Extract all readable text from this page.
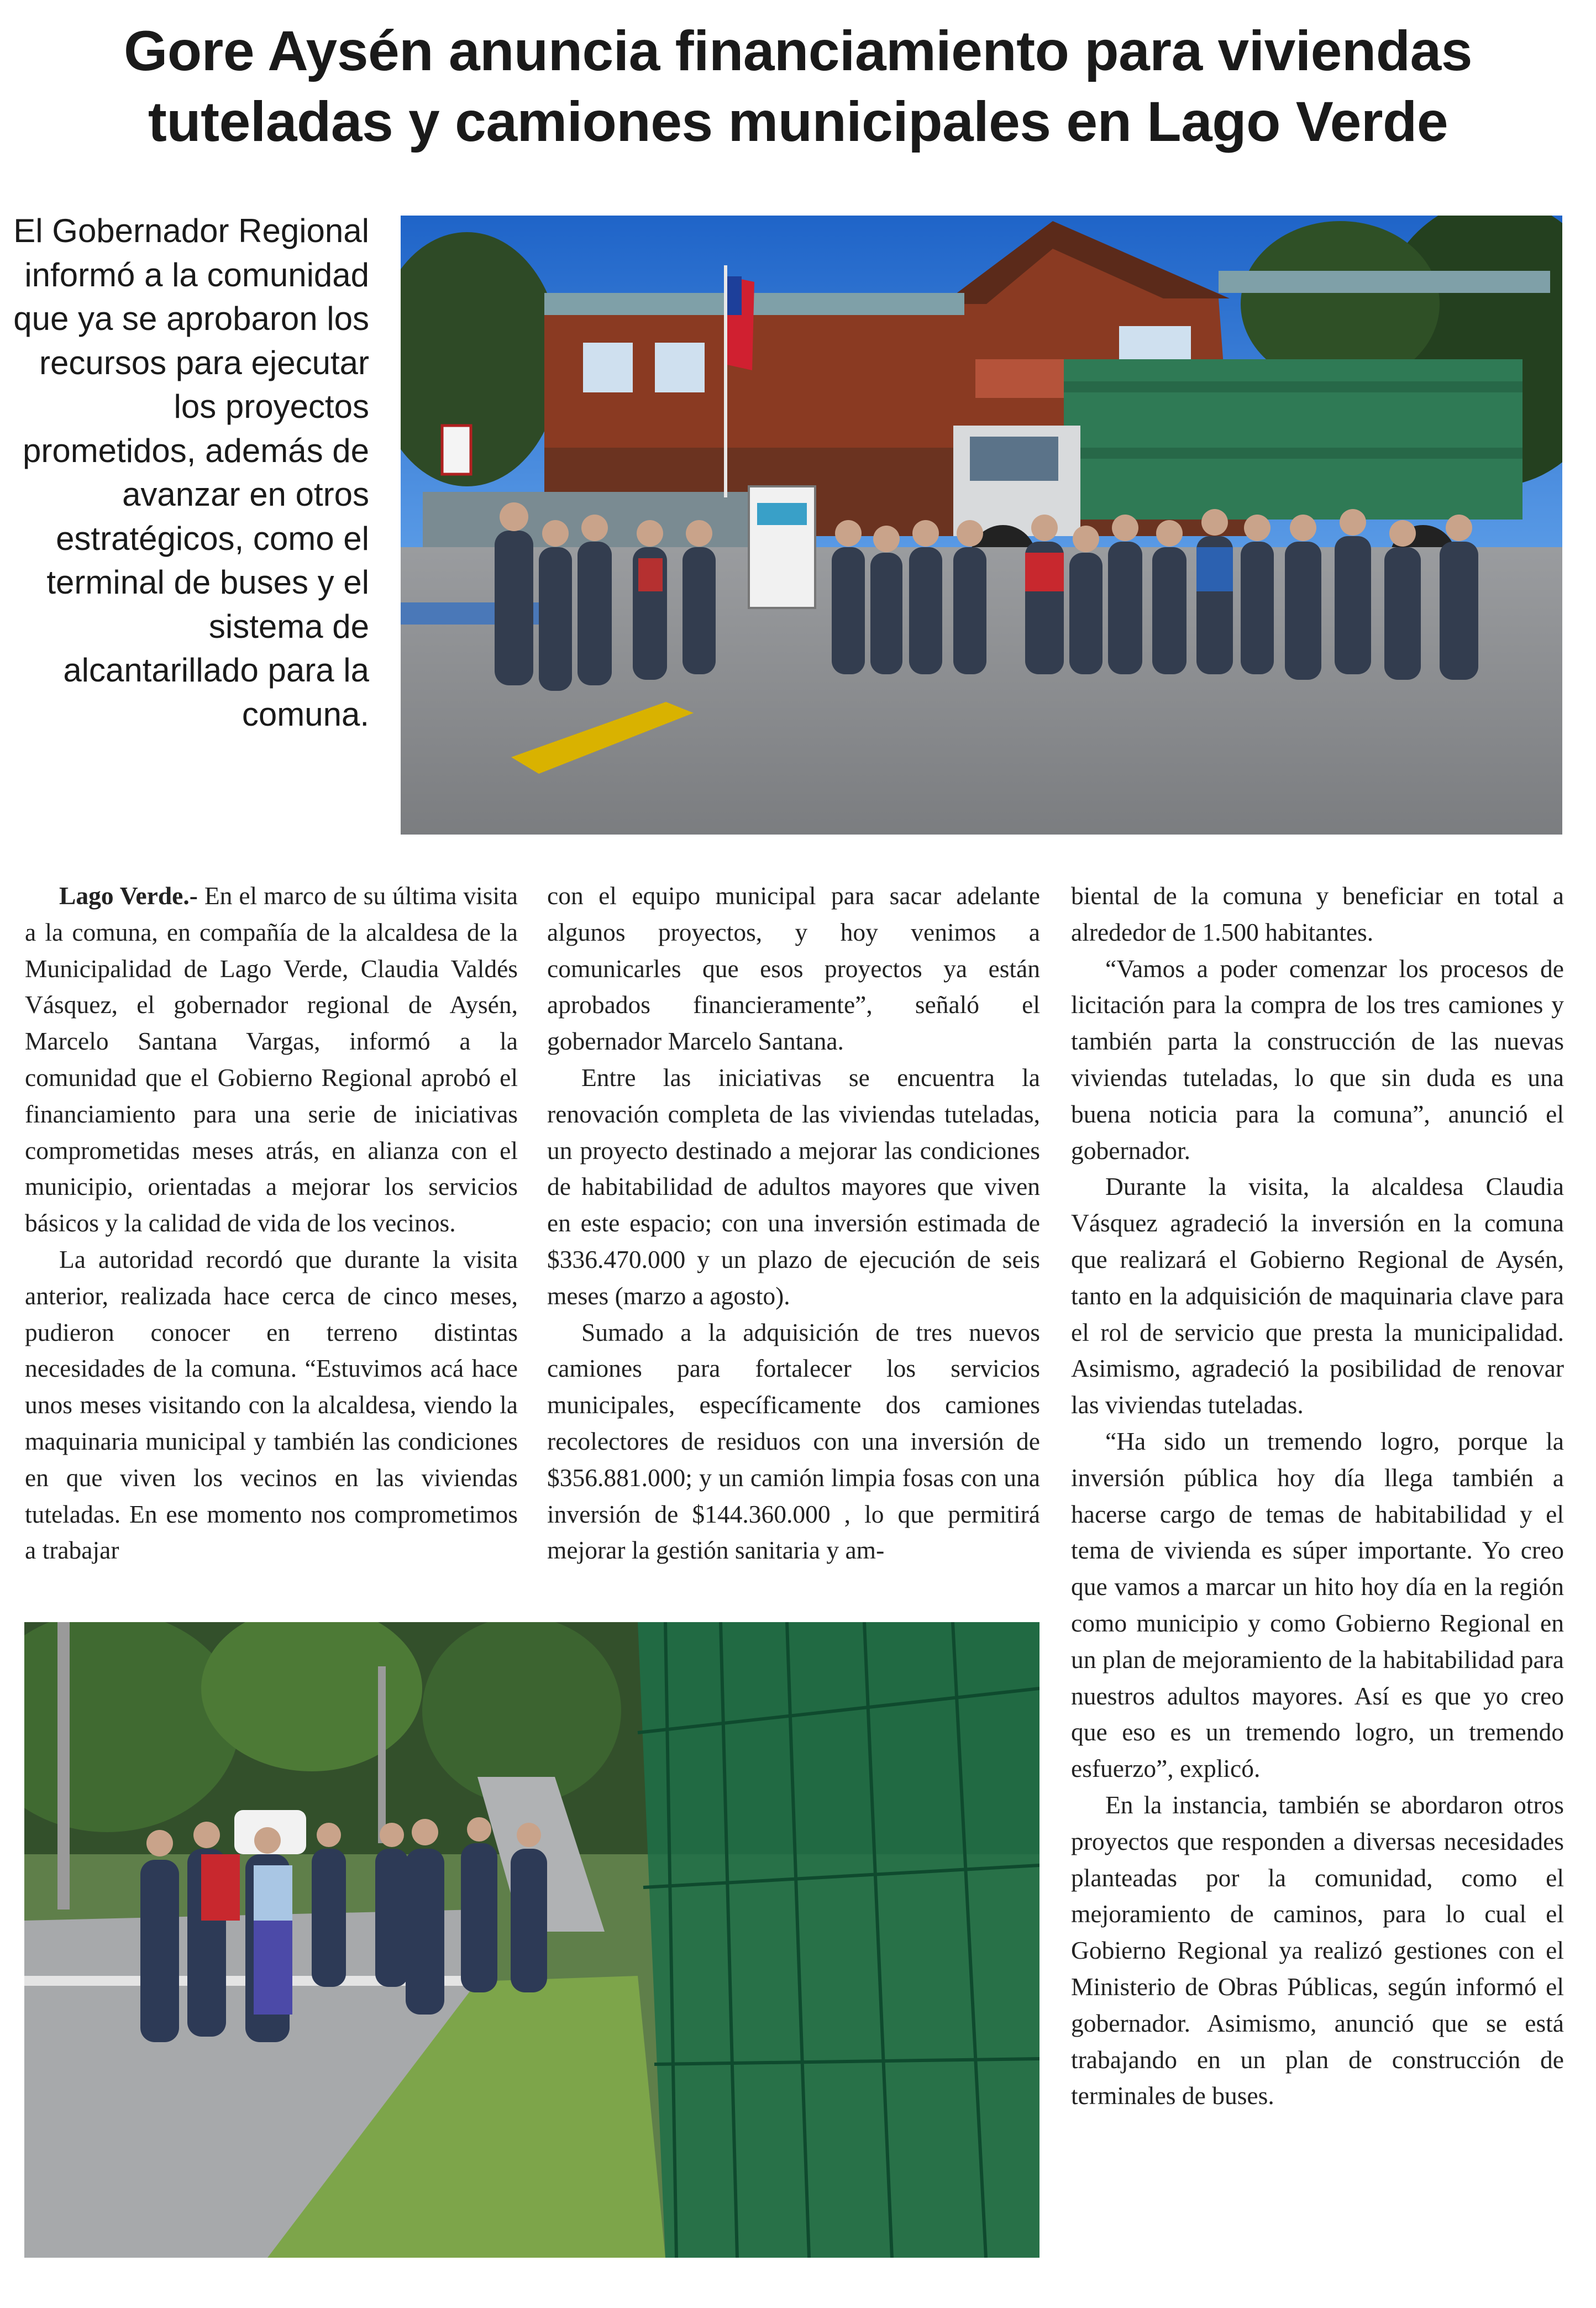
Gore Aysén anuncia financiamiento para viviendas tuteladas y camiones municipales en Lago Verde

El Gobernador Regional informó a la comunidad que ya se aprobaron los recursos para ejecutar los proyectos prometidos, además de avanzar en otros estratégicos, como el terminal de buses y el sistema de alcantarillado para la comuna.

Lago Verde.- En el marco de su última visita a la comuna, en compañía de la alcaldesa de la Municipalidad de Lago Verde, Claudia Valdés Vásquez, el gobernador regional de Aysén, Marcelo Santana Vargas, informó a la comunidad que el Gobierno Regional aprobó el financiamiento para una serie de iniciativas comprometidas meses atrás, en alianza con el municipio, orientadas a mejorar los servicios básicos y la calidad de vida de los vecinos.

La autoridad recordó que durante la visita anterior, realizada hace cerca de cinco meses, pudieron conocer en terreno distintas necesidades de la comuna. “Estuvimos acá hace unos meses visitando con la alcaldesa, viendo la maquinaria municipal y también las condiciones en que viven los vecinos en las viviendas tuteladas. En ese momento nos comprometimos a trabajar

con el equipo municipal para sacar adelante algunos proyectos, y hoy venimos a comunicarles que esos proyectos ya están aprobados financieramente”, señaló el gobernador Marcelo Santana.

Entre las iniciativas se encuentra la renovación completa de las viviendas tuteladas, un proyecto destinado a mejorar las condiciones de habitabilidad de adultos mayores que viven en este espacio; con una inversión estimada de $336.470.000 y un plazo de ejecución de seis meses (marzo a agosto).

Sumado a la adquisición de tres nuevos camiones para fortalecer los servicios municipales, específicamente dos camiones recolectores de residuos con una inversión de $356.881.000; y un camión limpia fosas con una inversión de $144.360.000 , lo que permitirá mejorar la gestión sanitaria y am-

biental de la comuna y beneficiar en total a alrededor de 1.500 habitantes.

“Vamos a poder comenzar los procesos de licitación para la compra de los tres camiones y también parta la construcción de las nuevas viviendas tuteladas, lo que sin duda es una buena noticia para la comuna”, anunció el gobernador.

Durante la visita, la alcaldesa Claudia Vásquez agradeció la inversión en la comuna que realizará el Gobierno Regional de Aysén, tanto en la adquisición de maquinaria clave para el rol de servicio que presta la municipalidad. Asimismo, agradeció la posibilidad de renovar las viviendas tuteladas.

“Ha sido un tremendo logro, porque la inversión pública hoy día llega también a hacerse cargo de temas de habitabilidad y el tema de vivienda es súper importante. Yo creo que vamos a marcar un hito hoy día en la región como municipio y como Gobierno Regional en un plan de mejoramiento de la habitabilidad para nuestros adultos mayores. Así es que yo creo que eso es un tremendo logro, un tremendo esfuerzo”, explicó.

En la instancia, también se abordaron otros proyectos que responden a diversas necesidades planteadas por la comunidad, como el mejoramiento de caminos, para lo cual el Gobierno Regional ya realizó gestiones con el Ministerio de Obras Públicas, según informó el gobernador. Asimismo, anunció que se está trabajando en un plan de construcción de terminales de buses.
